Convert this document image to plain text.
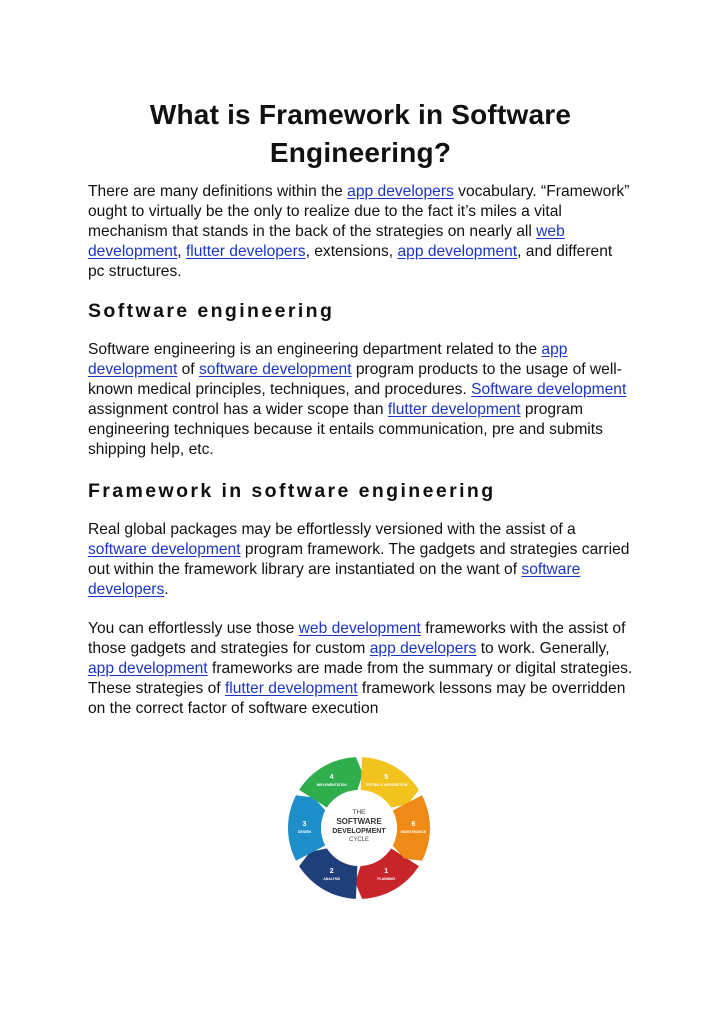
What is Framework in Software Engineering?

There are many definitions within the app developers vocabulary. “Framework” ought to virtually be the only to realize due to the fact it’s miles a vital mechanism that stands in the back of the strategies on nearly all web development, flutter developers, extensions, app development, and different pc structures.

Software engineering

Software engineering is an engineering department related to the app development of software development program products to the usage of well-known medical principles, techniques, and procedures. Software development assignment control has a wider scope than flutter development program engineering techniques because it entails communication, pre and submits shipping help, etc.

Framework in software engineering

Real global packages may be effortlessly versioned with the assist of a software development program framework. The gadgets and strategies carried out within the framework library are instantiated on the want of software developers.

You can effortlessly use those web development frameworks with the assist of those gadgets and strategies for custom app developers to work. Generally, app development frameworks are made from the summary or digital strategies. These strategies of flutter development framework lessons may be overridden on the correct factor of software execution

1
PLANNING
2
ANALYSIS
3
DESIGN
4
IMPLEMENTATION
5
TESTING & INTEGRATION
6
MAINTENANCE
THE
SOFTWARE
DEVELOPMENT
CYCLE
